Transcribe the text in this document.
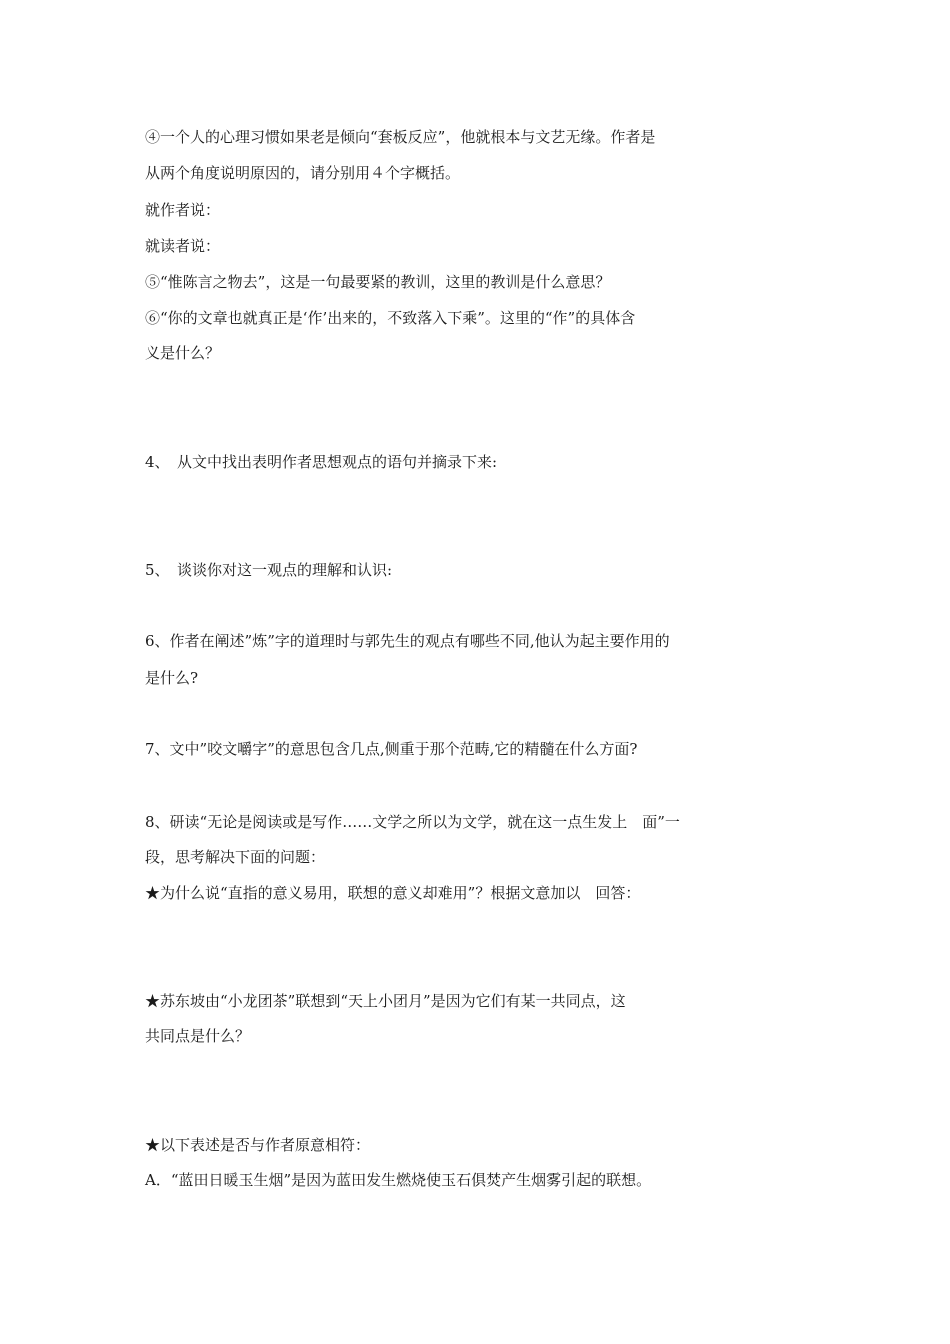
④一个人的心理习惯如果老是倾向“套板反应”，他就根本与文艺无缘。作者是
从两个角度说明原因的，请分别用４个字概括。
就作者说：
就读者说：
⑤“惟陈言之物去”，这是一句最要紧的教训，这里的教训是什么意思？
⑥“你的文章也就真正是‘作’出来的，不致落入下乘”。这里的“作”的具体含
义是什么？
4、　从文中找出表明作者思想观点的语句并摘录下来:
5、　谈谈你对这一观点的理解和认识:
6、作者在阐述”炼”字的道理时与郭先生的观点有哪些不同,他认为起主要作用的
是什么?
7、文中”咬文嚼字”的意思包含几点,侧重于那个范畴,它的精髓在什么方面?
8、研读“无论是阅读或是写作……文学之所以为文学，就在这一点生发上　面”一
段，思考解决下面的问题：
★为什么说“直指的意义易用，联想的意义却难用”？根据文意加以　回答：
★苏东坡由“小龙团茶”联想到“天上小团月”是因为它们有某一共同点，这
共同点是什么？
★以下表述是否与作者原意相符：
A．“蓝田日暖玉生烟”是因为蓝田发生燃烧使玉石俱焚产生烟雾引起的联想。
